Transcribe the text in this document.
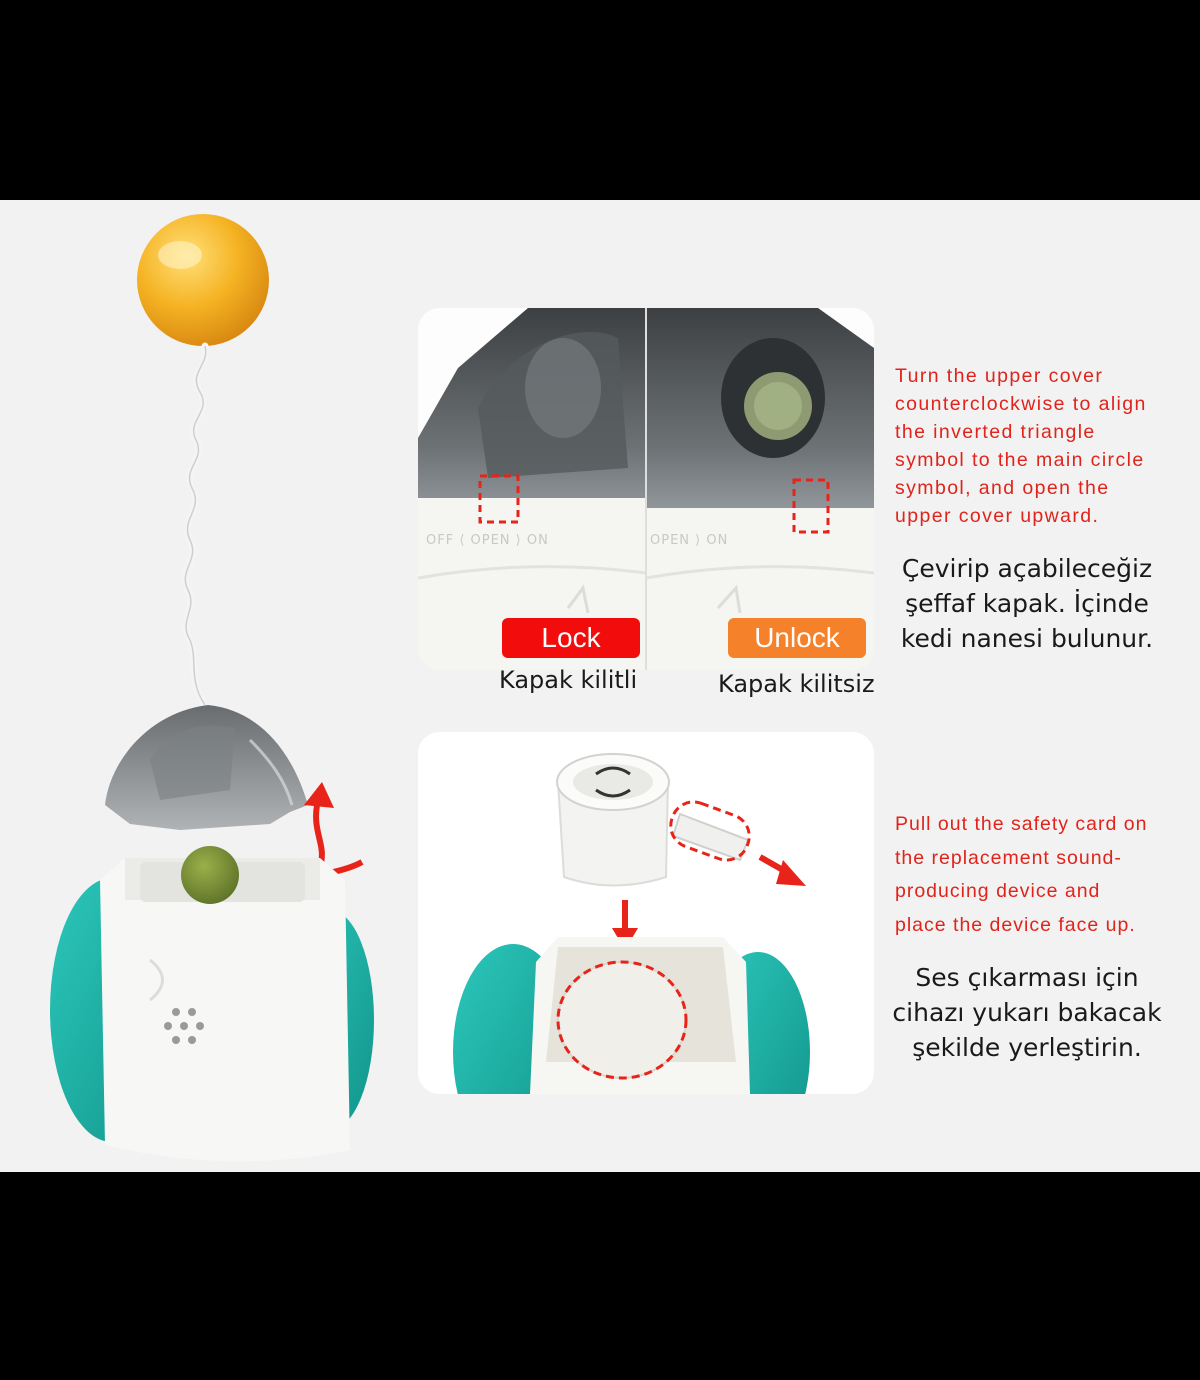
OFF ⟨ OPEN ⟩ ON	OPEN ⟩ ON
Lock	Unlock
Kapak kilitli	Kapak kilitsiz
Turn the upper cover
counterclockwise to align
the inverted triangle
symbol to the main circle
symbol, and open the
upper cover upward.
Çevirip açabileceğiz
şeffaf kapak. İçinde
kedi nanesi bulunur.
Pull out the safety card on
the replacement sound-
producing device and
place the device face up.
Ses çıkarması için
cihazı yukarı bakacak
şekilde yerleştirin.
